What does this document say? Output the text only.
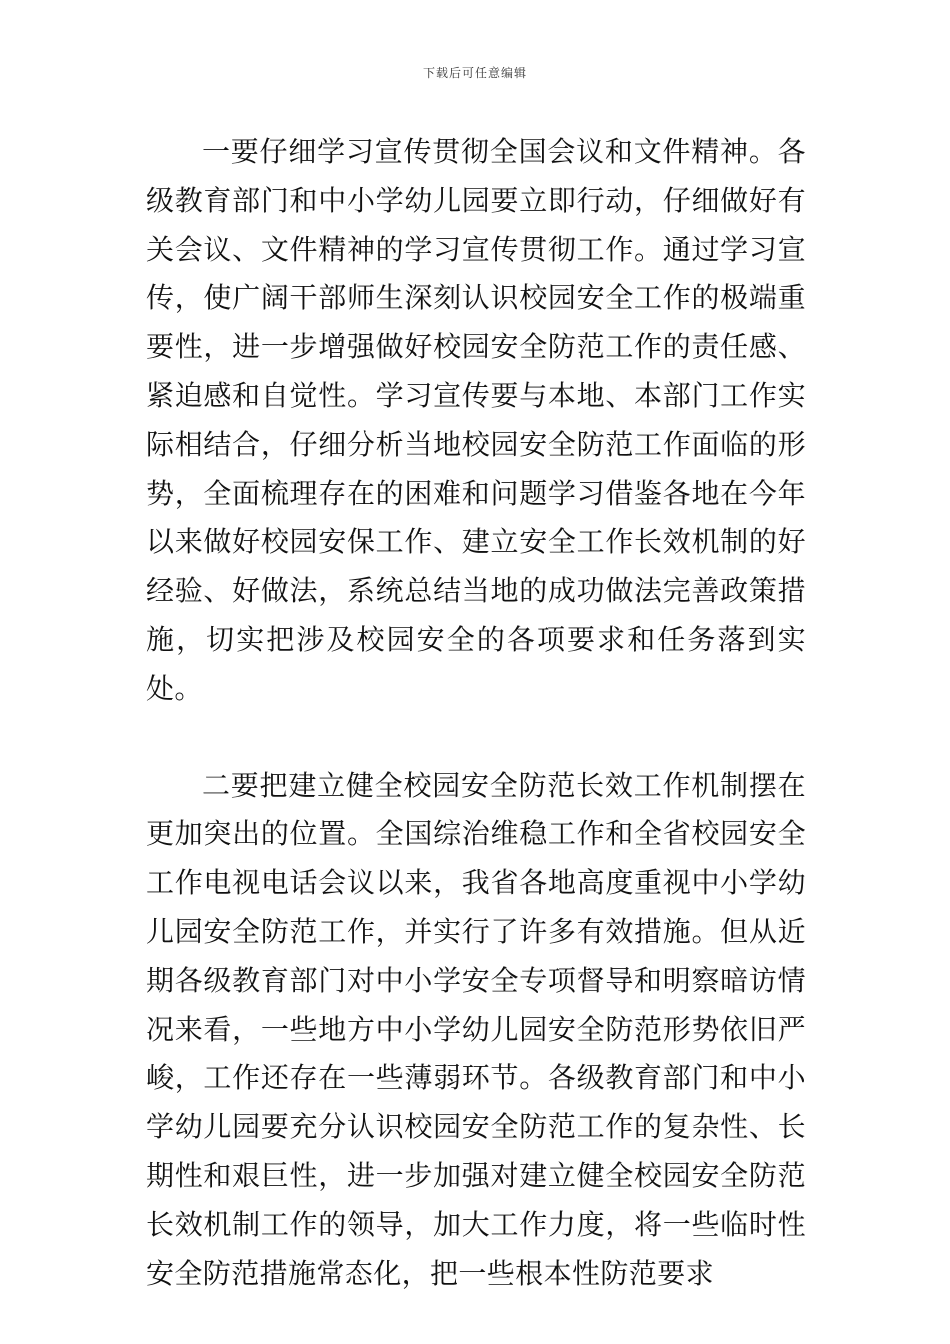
下载后可任意编辑

一要仔细学习宣传贯彻全国会议和文件精神。各级教育部门和中小学幼儿园要立即行动，仔细做好有关会议、文件精神的学习宣传贯彻工作。通过学习宣传，使广阔干部师生深刻认识校园安全工作的极端重要性，进一步增强做好校园安全防范工作的责任感、紧迫感和自觉性。学习宣传要与本地、本部门工作实际相结合，仔细分析当地校园安全防范工作面临的形势，全面梳理存在的困难和问题学习借鉴各地在今年以来做好校园安保工作、建立安全工作长效机制的好经验、好做法，系统总结当地的成功做法完善政策措施，切实把涉及校园安全的各项要求和任务落到实处。

二要把建立健全校园安全防范长效工作机制摆在更加突出的位置。全国综治维稳工作和全省校园安全工作电视电话会议以来，我省各地高度重视中小学幼儿园安全防范工作，并实行了许多有效措施。但从近期各级教育部门对中小学安全专项督导和明察暗访情况来看，一些地方中小学幼儿园安全防范形势依旧严峻，工作还存在一些薄弱环节。各级教育部门和中小学幼儿园要充分认识校园安全防范工作的复杂性、长期性和艰巨性，进一步加强对建立健全校园安全防范长效机制工作的领导，加大工作力度，将一些临时性安全防范措施常态化，把一些根本性防范要求
